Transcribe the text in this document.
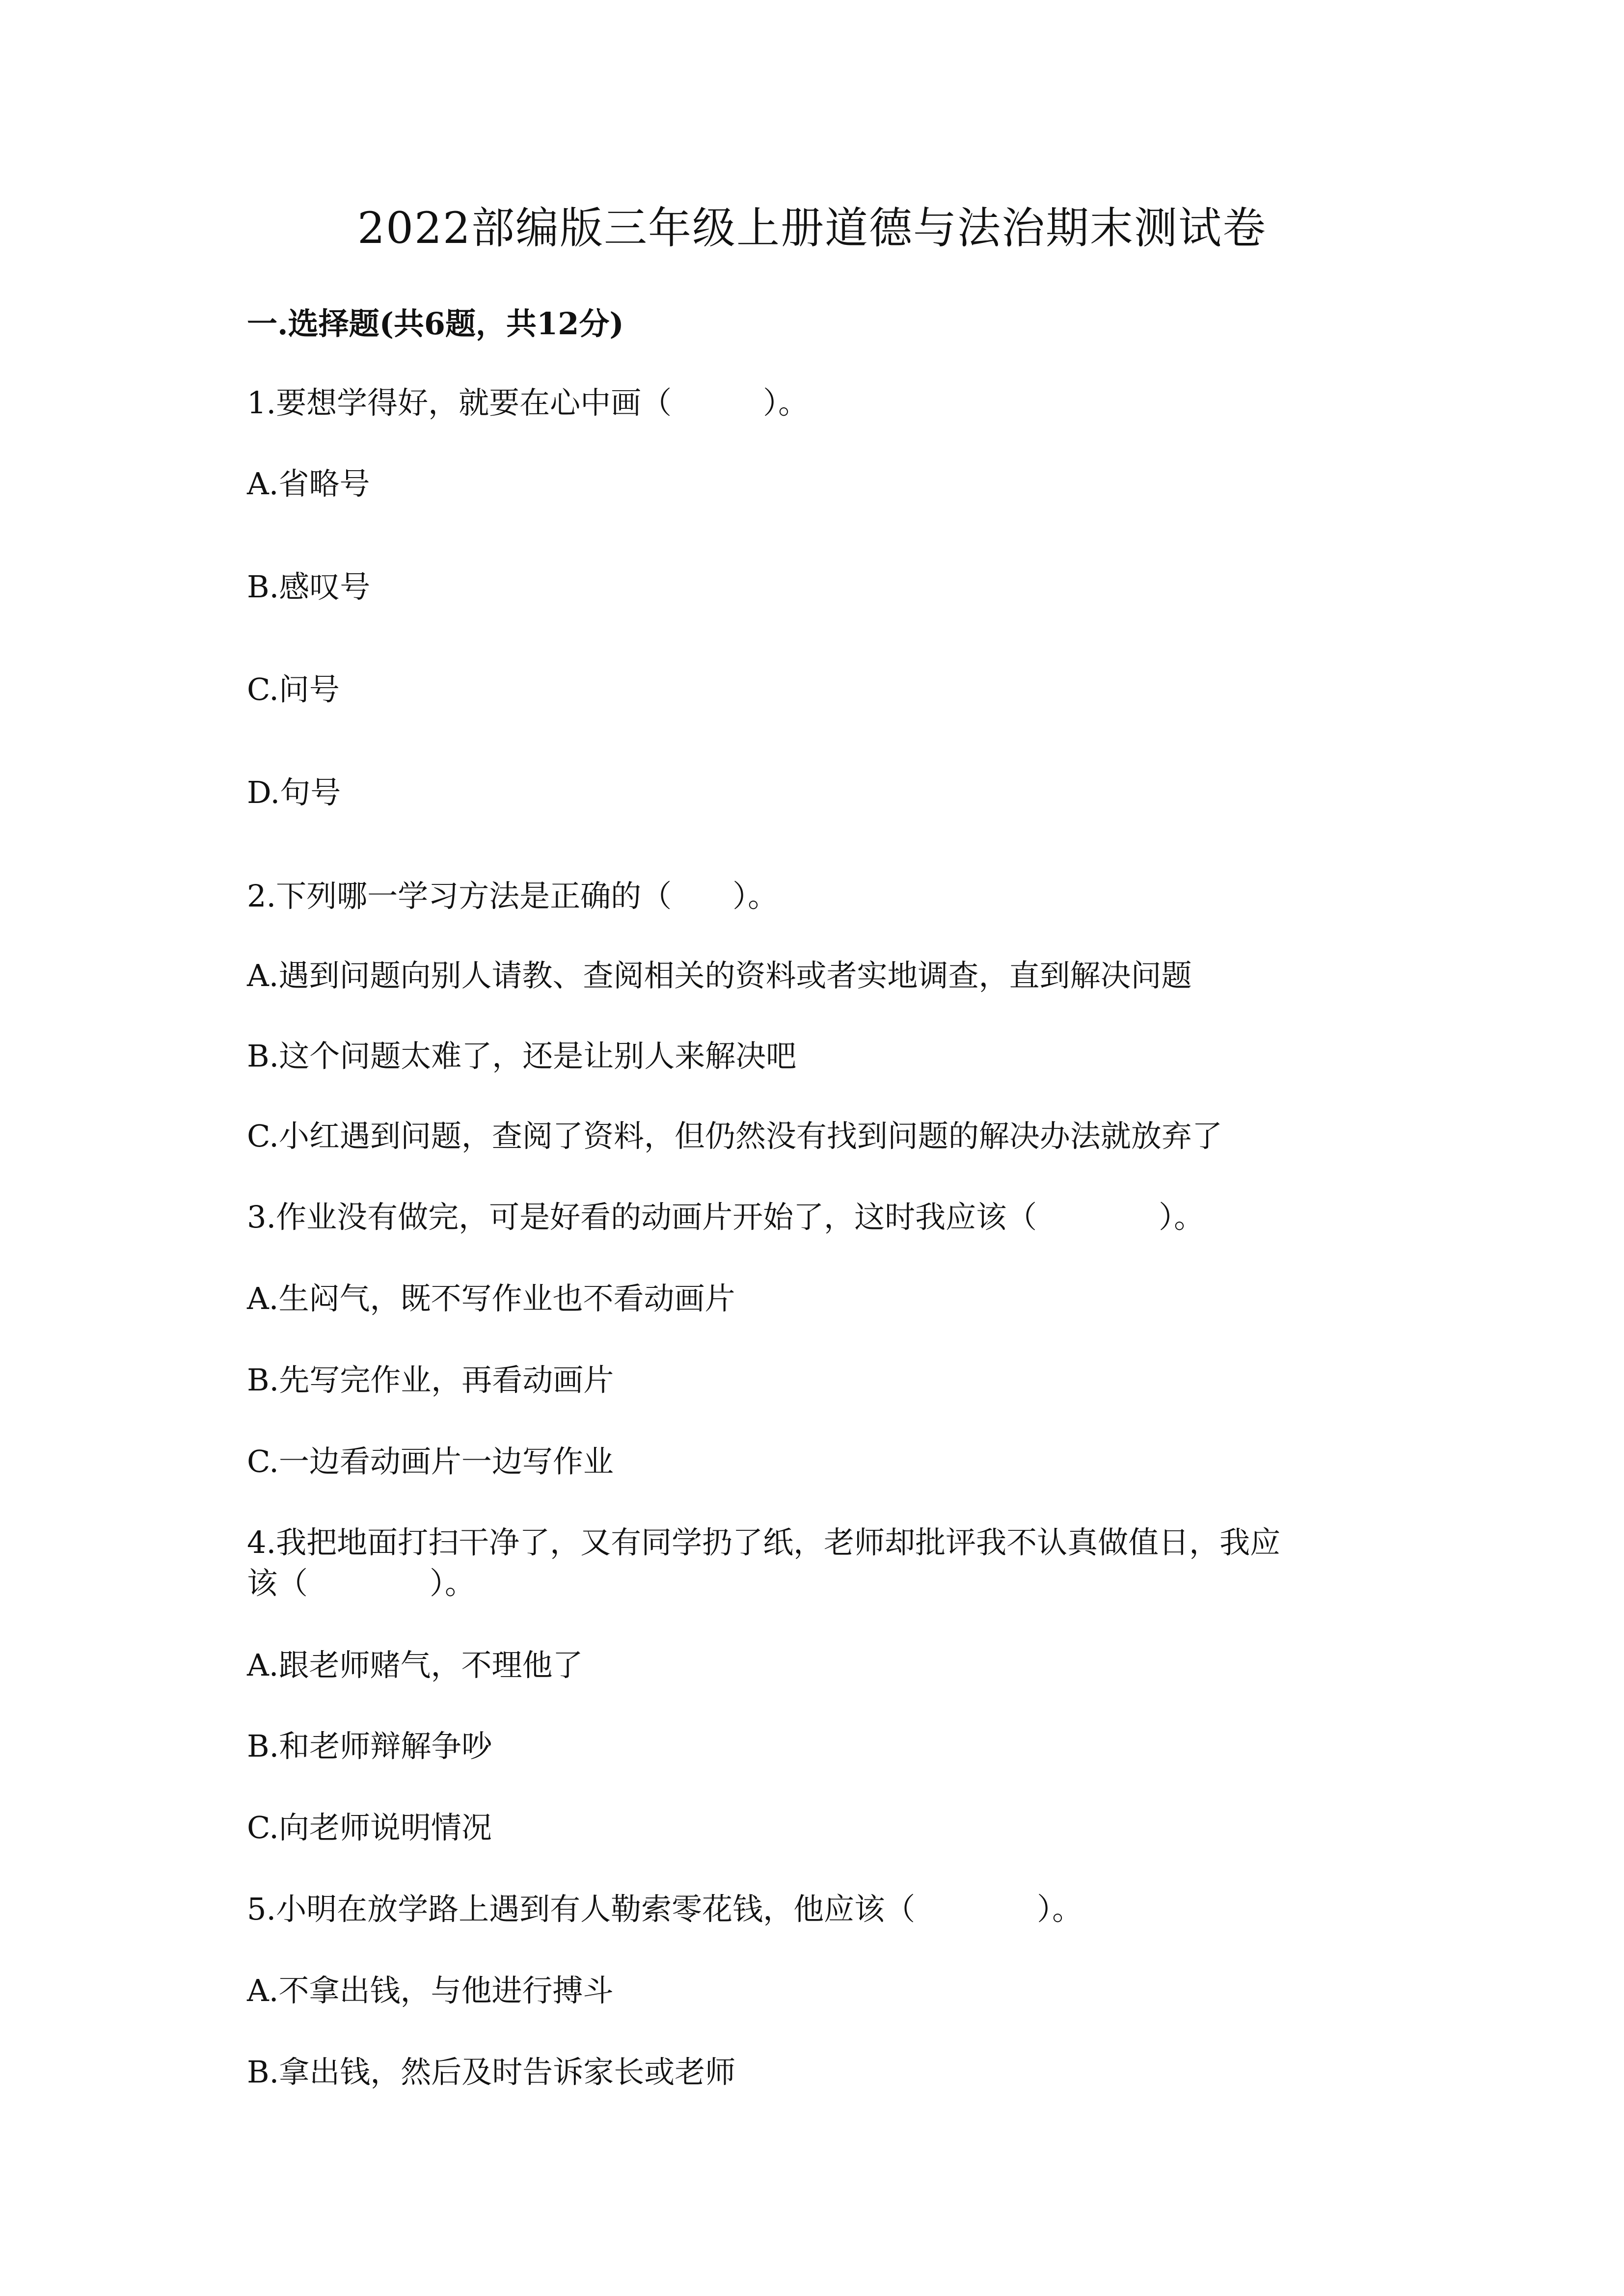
2022部编版三年级上册道德与法治期末测试卷
一.选择题(共6题，共12分)
1.要想学得好，就要在心中画（　　　）。
A.省略号
B.感叹号
C.问号
D.句号
2.下列哪一学习方法是正确的（　　）。
A.遇到问题向别人请教、查阅相关的资料或者实地调查，直到解决问题
B.这个问题太难了，还是让别人来解决吧
C.小红遇到问题，查阅了资料，但仍然没有找到问题的解决办法就放弃了
3.作业没有做完，可是好看的动画片开始了，这时我应该（　　　　）。
A.生闷气，既不写作业也不看动画片
B.先写完作业，再看动画片
C.一边看动画片一边写作业
4.我把地面打扫干净了，又有同学扔了纸，老师却批评我不认真做值日，我应
该（　　　　）。
A.跟老师赌气，不理他了
B.和老师辩解争吵
C.向老师说明情况
5.小明在放学路上遇到有人勒索零花钱，他应该（　　　　）。
A.不拿出钱，与他进行搏斗
B.拿出钱，然后及时告诉家长或老师
